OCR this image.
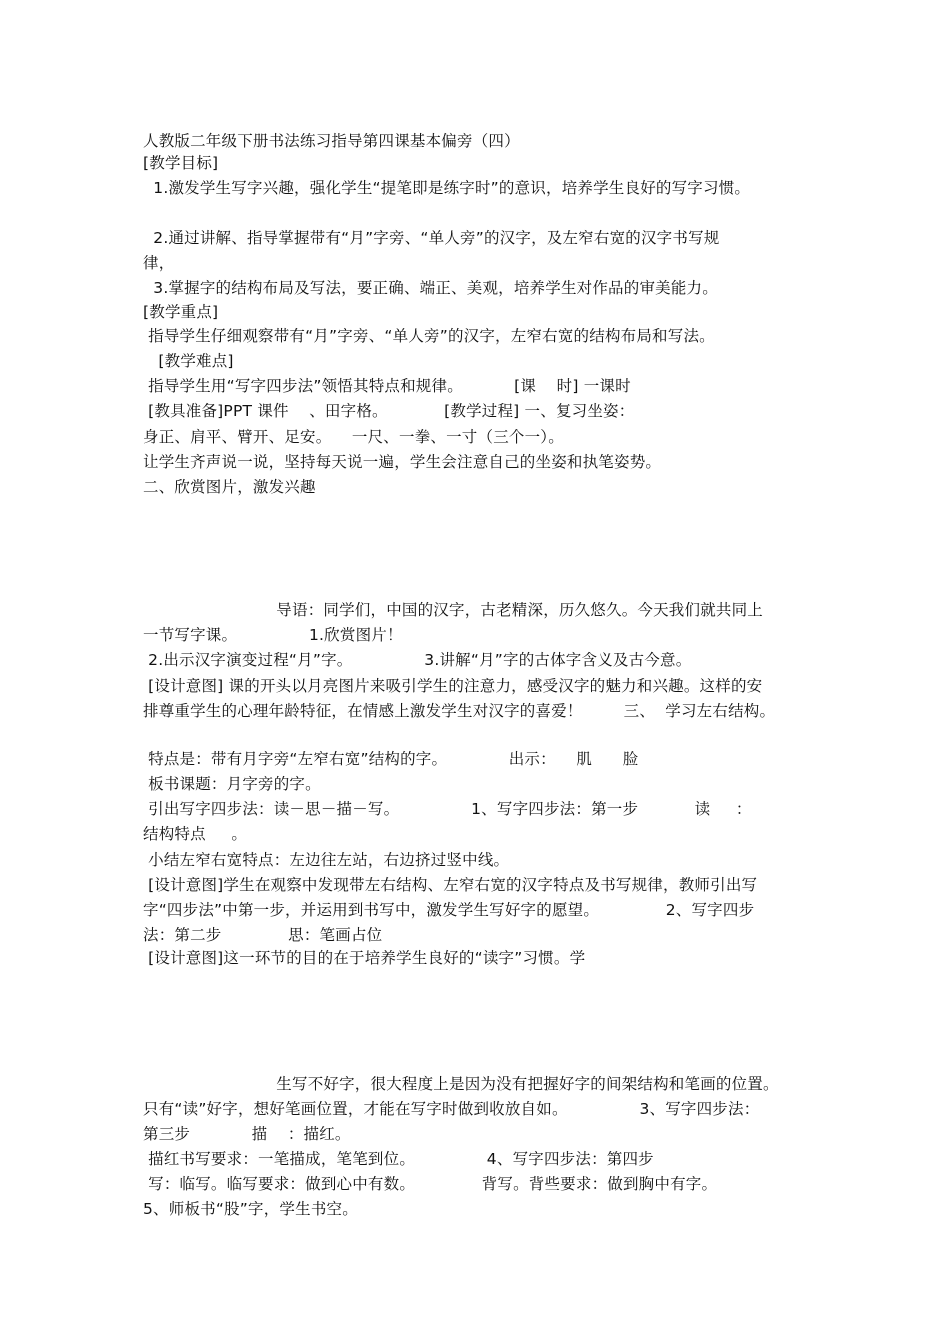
人教版二年级下册书法练习指导第四课基本偏旁（四）
[教学目标]
1.激发学生写字兴趣，强化学生“提笔即是练字时”的意识，培养学生良好的写字习惯。
2.通过讲解、指导掌握带有“月”字旁、“单人旁”的汉字，及左窄右宽的汉字书写规
律，
3.掌握字的结构布局及写法，要正确、端正、美观，培养学生对作品的审美能力。
[教学重点]
指导学生仔细观察带有“月”字旁、“单人旁”的汉字，左窄右宽的结构布局和写法。
[教学难点]
指导学生用“写字四步法”领悟其特点和规律。          [课    时] 一课时
[教具准备]PPT 课件    、田字格。           [教学过程] 一、复习坐姿：
身正、肩平、臂开、足安。    一尺、一拳、一寸（三个一）。
让学生齐声说一说，坚持每天说一遍，学生会注意自己的坐姿和执笔姿势。
二、欣赏图片，激发兴趣
导语：同学们，中国的汉字，古老精深，历久悠久。今天我们就共同上
一节写字课。              1.欣赏图片！
2.出示汉字演变过程“月”字。              3.讲解“月”字的古体字含义及古今意。
[设计意图] 课的开头以月亮图片来吸引学生的注意力，感受汉字的魅力和兴趣。这样的安
排尊重学生的心理年龄特征，在情感上激发学生对汉字的喜爱！        三、  学习左右结构。
特点是：带有月字旁“左窄右宽”结构的字。            出示：    肌      脸
板书课题：月字旁的字。
引出写字四步法：读－思－描－写。              1、写字四步法：第一步           读     ：
结构特点     。
小结左窄右宽特点：左边往左站，右边挤过竖中线。
[设计意图]学生在观察中发现带左右结构、左窄右宽的汉字特点及书写规律，教师引出写
字“四步法”中第一步，并运用到书写中，激发学生写好字的愿望。             2、写字四步
法：第二步             思：笔画占位
[设计意图]这一环节的目的在于培养学生良好的“读字”习惯。学
生写不好字，很大程度上是因为没有把握好字的间架结构和笔画的位置。
只有“读”好字，想好笔画位置，才能在写字时做到收放自如。              3、写字四步法：
第三步            描    ：描红。
描红书写要求：一笔描成，笔笔到位。              4、写字四步法：第四步
写：临写。临写要求：做到心中有数。             背写。背些要求：做到胸中有字。
5、师板书“股”字，学生书空。
